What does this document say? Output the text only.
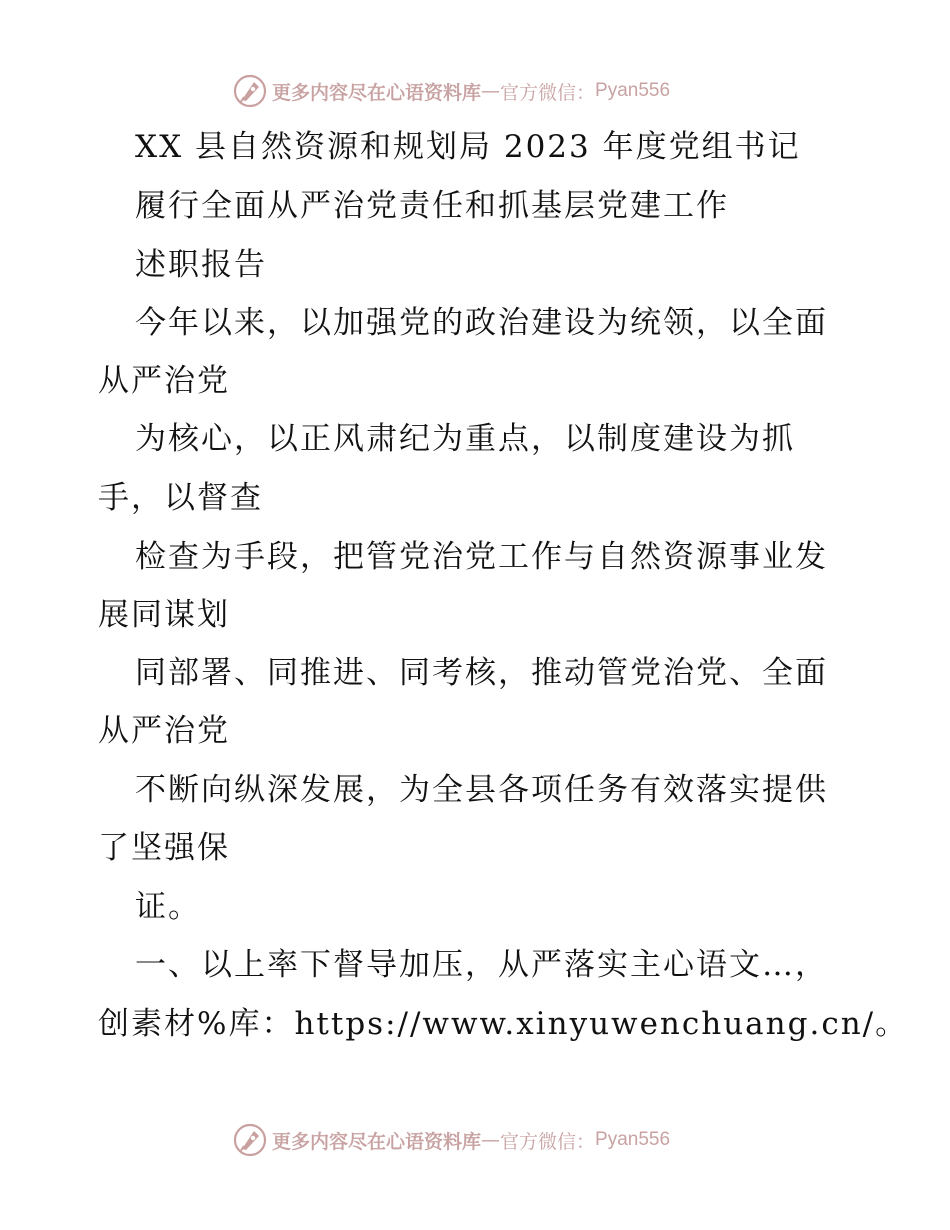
更多内容尽在心语资料库 — 官方微信： Pyan556
XX 县自然资源和规划局 2023 年度党组书记
履行全面从严治党责任和抓基层党建工作
述职报告
今年以来，以加强党的政治建设为统领，以全面
从严治党
为核心，以正风肃纪为重点，以制度建设为抓
手，以督查
检查为手段，把管党治党工作与自然资源事业发
展同谋划
同部署、同推进、同考核，推动管党治党、全面
从严治党
不断向纵深发展，为全县各项任务有效落实提供
了坚强保
证。
一、以上率下督导加压，从严落实主心语文…，
创素材%库：https://www.xinyuwenchuang.cn/。
更多内容尽在心语资料库 — 官方微信： Pyan556
